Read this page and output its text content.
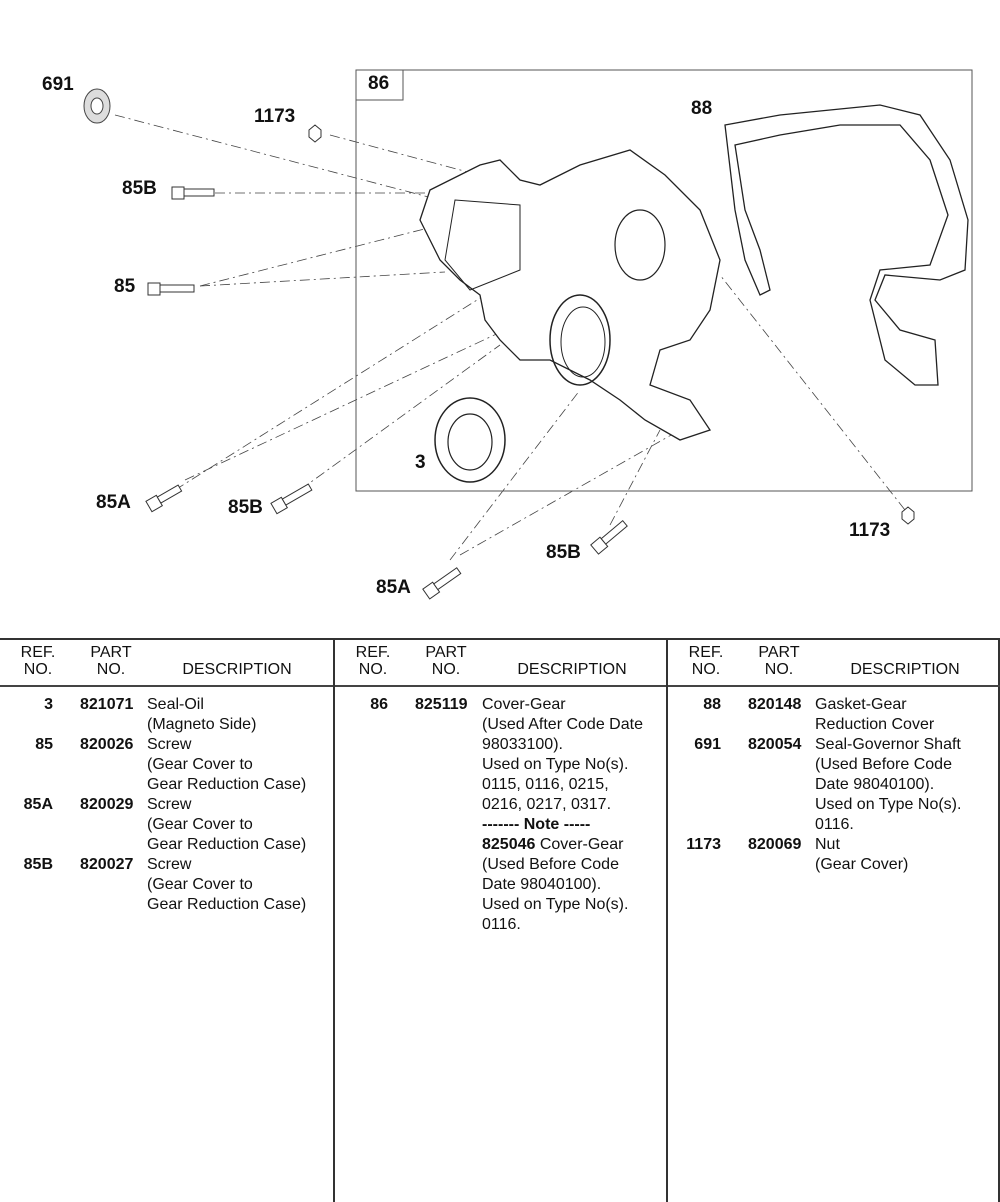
691
1173
86
88
85B
85
3
85A	85B
1173
85B
85A
REF.
NO.
PART
NO.	DESCRIPTION
3 821071 Seal-Oil
(Magneto Side)
85 820026 Screw
(Gear Cover to
Gear Reduction Case)
85A 820029 Screw
(Gear Cover to
Gear Reduction Case)
85B 820027 Screw
(Gear Cover to
Gear Reduction Case)
REF.
NO.
PART
NO.	DESCRIPTION
86 825119 Cover-Gear
(Used After Code Date
98033100).
Used on Type No(s).
0115, 0116, 0215,
0216, 0217, 0317.
------- Note -----
825046 Cover-Gear
(Used Before Code
Date 98040100).
Used on Type No(s).
0116.
REF.
NO.
PART
NO.	DESCRIPTION
88 820148 Gasket-Gear
Reduction Cover
691 820054 Seal-Governor Shaft
(Used Before Code
Date 98040100).
Used on Type No(s).
0116.
1173 820069 Nut
(Gear Cover)
